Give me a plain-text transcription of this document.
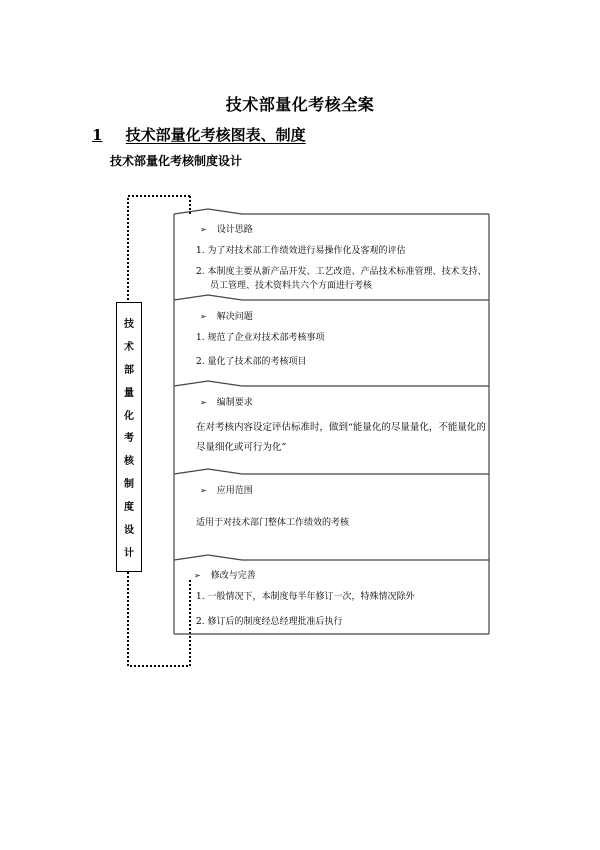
技术部量化考核全案
1 技术部量化考核图表、制度
技术部量化考核制度设计
技
术
部
量
化
考
核
制
度
设
计
➢ 设计思路
1. 为了对技术部工作绩效进行易操作化及客观的评估
2. 本制度主要从新产品开发、工艺改造、产品技术标准管理、技术支持、
员工管理、技术资料共六个方面进行考核
➢ 解决问题
1. 规范了企业对技术部考核事项
2. 量化了技术部的考核项目
➢ 编制要求
在对考核内容设定评估标准时，做到“能量化的尽量量化，不能量化的
尽量细化或可行为化”
➢ 应用范围
适用于对技术部门整体工作绩效的考核
➢ 修改与完善
1. 一般情况下，本制度每半年修订一次，特殊情况除外
2. 修订后的制度经总经理批准后执行
